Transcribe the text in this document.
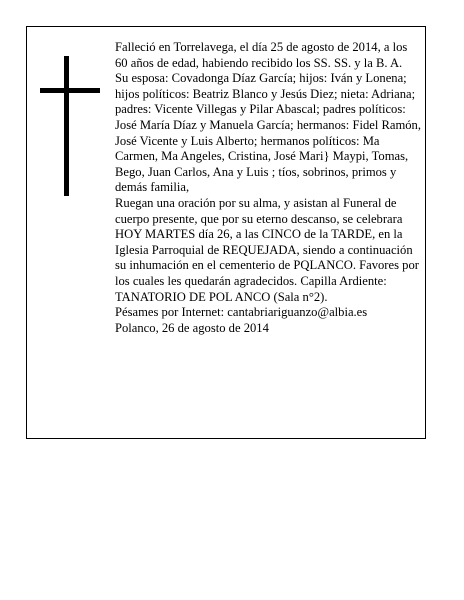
Falleció en Torrelavega, el día 25 de agosto de 2014, a los 60 años de edad, habiendo recibido los SS. SS. y la B. A.

Su esposa: Covadonga Díaz García; hijos: Iván y Lonena; hijos políticos: Beatriz Blanco y Jesús Diez; nieta: Adriana; padres: Vicente Villegas y Pilar Abascal; padres políticos: José María Díaz y Manuela García; hermanos: Fidel Ramón, José Vicente y Luis Alberto; hermanos políticos: Ma Carmen, Ma Angeles, Cristina, José Mari} Maypi, Tomas, Bego, Juan Carlos, Ana y Luis ; tíos, sobrinos, primos y demás familia,

Ruegan una oración por su alma, y asistan al Funeral de cuerpo presente, que por su eterno descanso, se celebrara HOY MARTES día 26, a las CINCO de la TARDE, en la Iglesia Parroquial de REQUEJADA, siendo a continuación su inhumación en el cementerio de PQLANCO. Favores por los cuales les quedarán agradecidos. Capilla Ardiente: TANATORIO DE POL ANCO (Sala n°2).

Pésames por Internet: cantabriariguanzo@albia.es

Polanco, 26 de agosto de 2014
